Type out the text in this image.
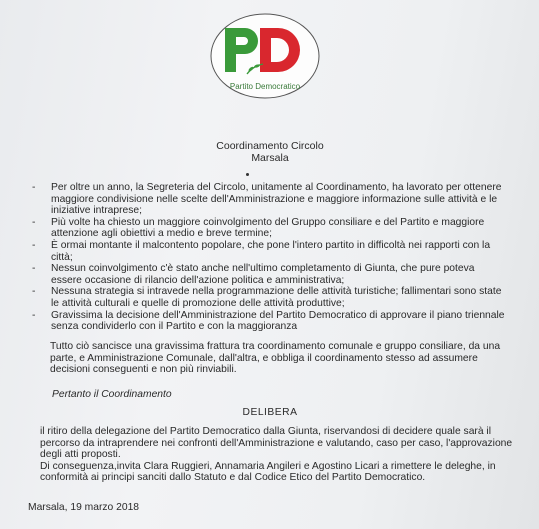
Partito Democratico
Coordinamento Circolo
Marsala
- Per oltre un anno, la Segreteria del Circolo, unitamente al Coordinamento, ha lavorato per ottenere maggiore condivisione nelle scelte dell'Amministrazione e maggiore informazione sulle attività e le iniziative intraprese;
- Più volte ha chiesto un maggiore coinvolgimento del Gruppo consiliare e del Partito e maggiore attenzione agli obiettivi a medio e breve termine;
- È ormai montante il malcontento popolare, che pone l'intero partito in difficoltà nei rapporti con la città;
- Nessun coinvolgimento c'è stato anche nell'ultimo completamento di Giunta, che pure poteva essere occasione di rilancio dell'azione politica e amministrativa;
- Nessuna strategia si intravede nella programmazione delle attività turistiche; fallimentari sono state le attività culturali e quelle di promozione delle attività produttive;
- Gravissima la decisione dell'Amministrazione del Partito Democratico di approvare il piano triennale senza condividerlo con il Partito e con la maggioranza

Tutto ciò sancisce una gravissima frattura tra coordinamento comunale e gruppo consiliare, da una parte, e Amministrazione Comunale, dall'altra, e obbliga il coordinamento stesso ad assumere decisioni conseguenti e non più rinviabili.

Pertanto il Coordinamento
DELIBERA
il ritiro della delegazione del Partito Democratico dalla Giunta, riservandosi di decidere quale sarà il percorso da intraprendere nei confronti dell'Amministrazione e valutando, caso per caso, l'approvazione degli atti proposti.
Di conseguenza,invita Clara Ruggieri, Annamaria Angileri e Agostino Licari a rimettere le deleghe, in conformità ai principi sanciti dallo Statuto e dal Codice Etico del Partito Democratico.
Marsala, 19 marzo 2018
